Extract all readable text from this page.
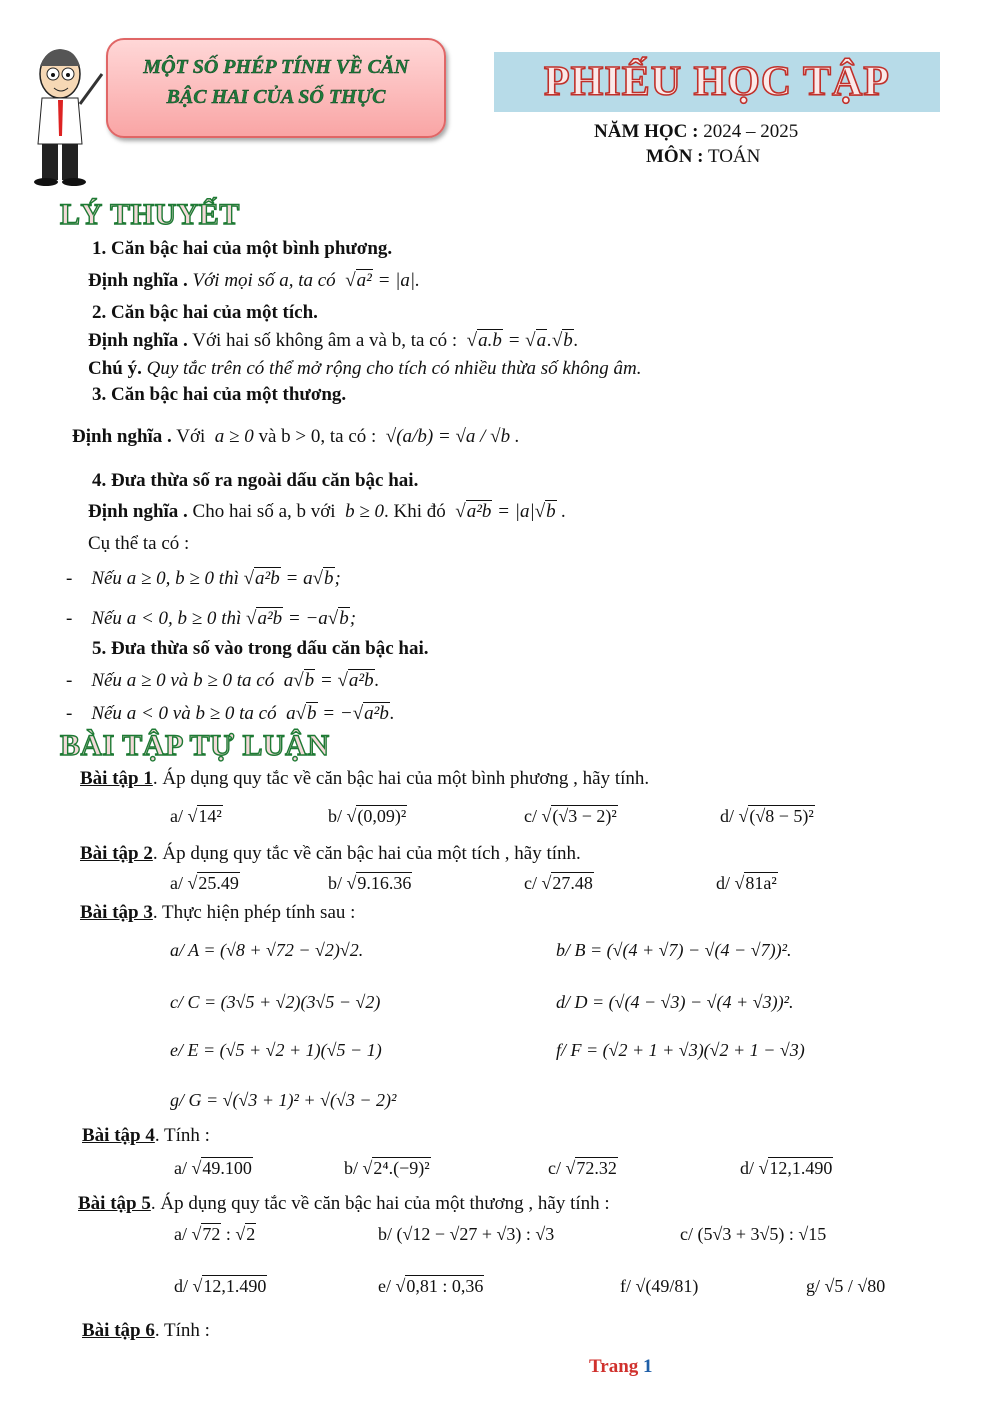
MỘT SỐ PHÉP TÍNH VỀ CĂN
BẬC HAI CỦA SỐ THỰC	PHIẾU HỌC TẬP
NĂM HỌC : 2024 – 2025
MÔN : TOÁN
LÝ THUYẾT
1. Căn bậc hai của một bình phương.
Định nghĩa . Với mọi số a, ta có  √a² = |a|.
2. Căn bậc hai của một tích.
Định nghĩa . Với hai số không âm a và b, ta có :  √a.b = √a.√b.
Chú ý. Quy tắc trên có thể mở rộng cho tích có nhiều thừa số không âm.
3. Căn bậc hai của một thương.
Định nghĩa . Với  a ≥ 0 và b > 0, ta có :  √(a/b) = √a / √b .
4. Đưa thừa số ra ngoài dấu căn bậc hai.
Định nghĩa . Cho hai số a, b với  b ≥ 0. Khi đó  √a²b = |a|√b .
Cụ thể ta có :
-    Nếu a ≥ 0, b ≥ 0 thì √a²b = a√b;
-    Nếu a < 0, b ≥ 0 thì √a²b = −a√b;
5. Đưa thừa số vào trong dấu căn bậc hai.
-    Nếu a ≥ 0 và b ≥ 0 ta có  a√b = √a²b.
-    Nếu a < 0 và b ≥ 0 ta có  a√b = −√a²b.
BÀI TẬP TỰ LUẬN
Bài tập 1. Áp dụng quy tắc về căn bậc hai của một bình phương , hãy tính.
a/ √14²	b/ √(0,09)²	c/ √(√3 − 2)²	d/ √(√8 − 5)²
Bài tập 2. Áp dụng quy tắc về căn bậc hai của một tích , hãy tính.
a/ √25.49	b/ √9.16.36	c/ √27.48	d/ √81a²
Bài tập 3. Thực hiện phép tính sau :
a/ A = (√8 + √72 − √2)√2.	b/ B = (√(4 + √7) − √(4 − √7))².
c/ C = (3√5 + √2)(3√5 − √2)	d/ D = (√(4 − √3) − √(4 + √3))².
e/ E = (√5 + √2 + 1)(√5 − 1)	f/ F = (√2 + 1 + √3)(√2 + 1 − √3)
g/ G = √(√3 + 1)² + √(√3 − 2)²
Bài tập 4. Tính :
a/ √49.100	b/ √2⁴.(−9)²	c/ √72.32	d/ √12,1.490
Bài tập 5. Áp dụng quy tắc về căn bậc hai của một thương , hãy tính :
a/ √72 : √2	b/ (√12 − √27 + √3) : √3	c/ (5√3 + 3√5) : √15
d/ √12,1.490	e/ √0,81 : 0,36	f/ √(49/81)	g/ √5 / √80
Bài tập 6. Tính :
Trang 1
